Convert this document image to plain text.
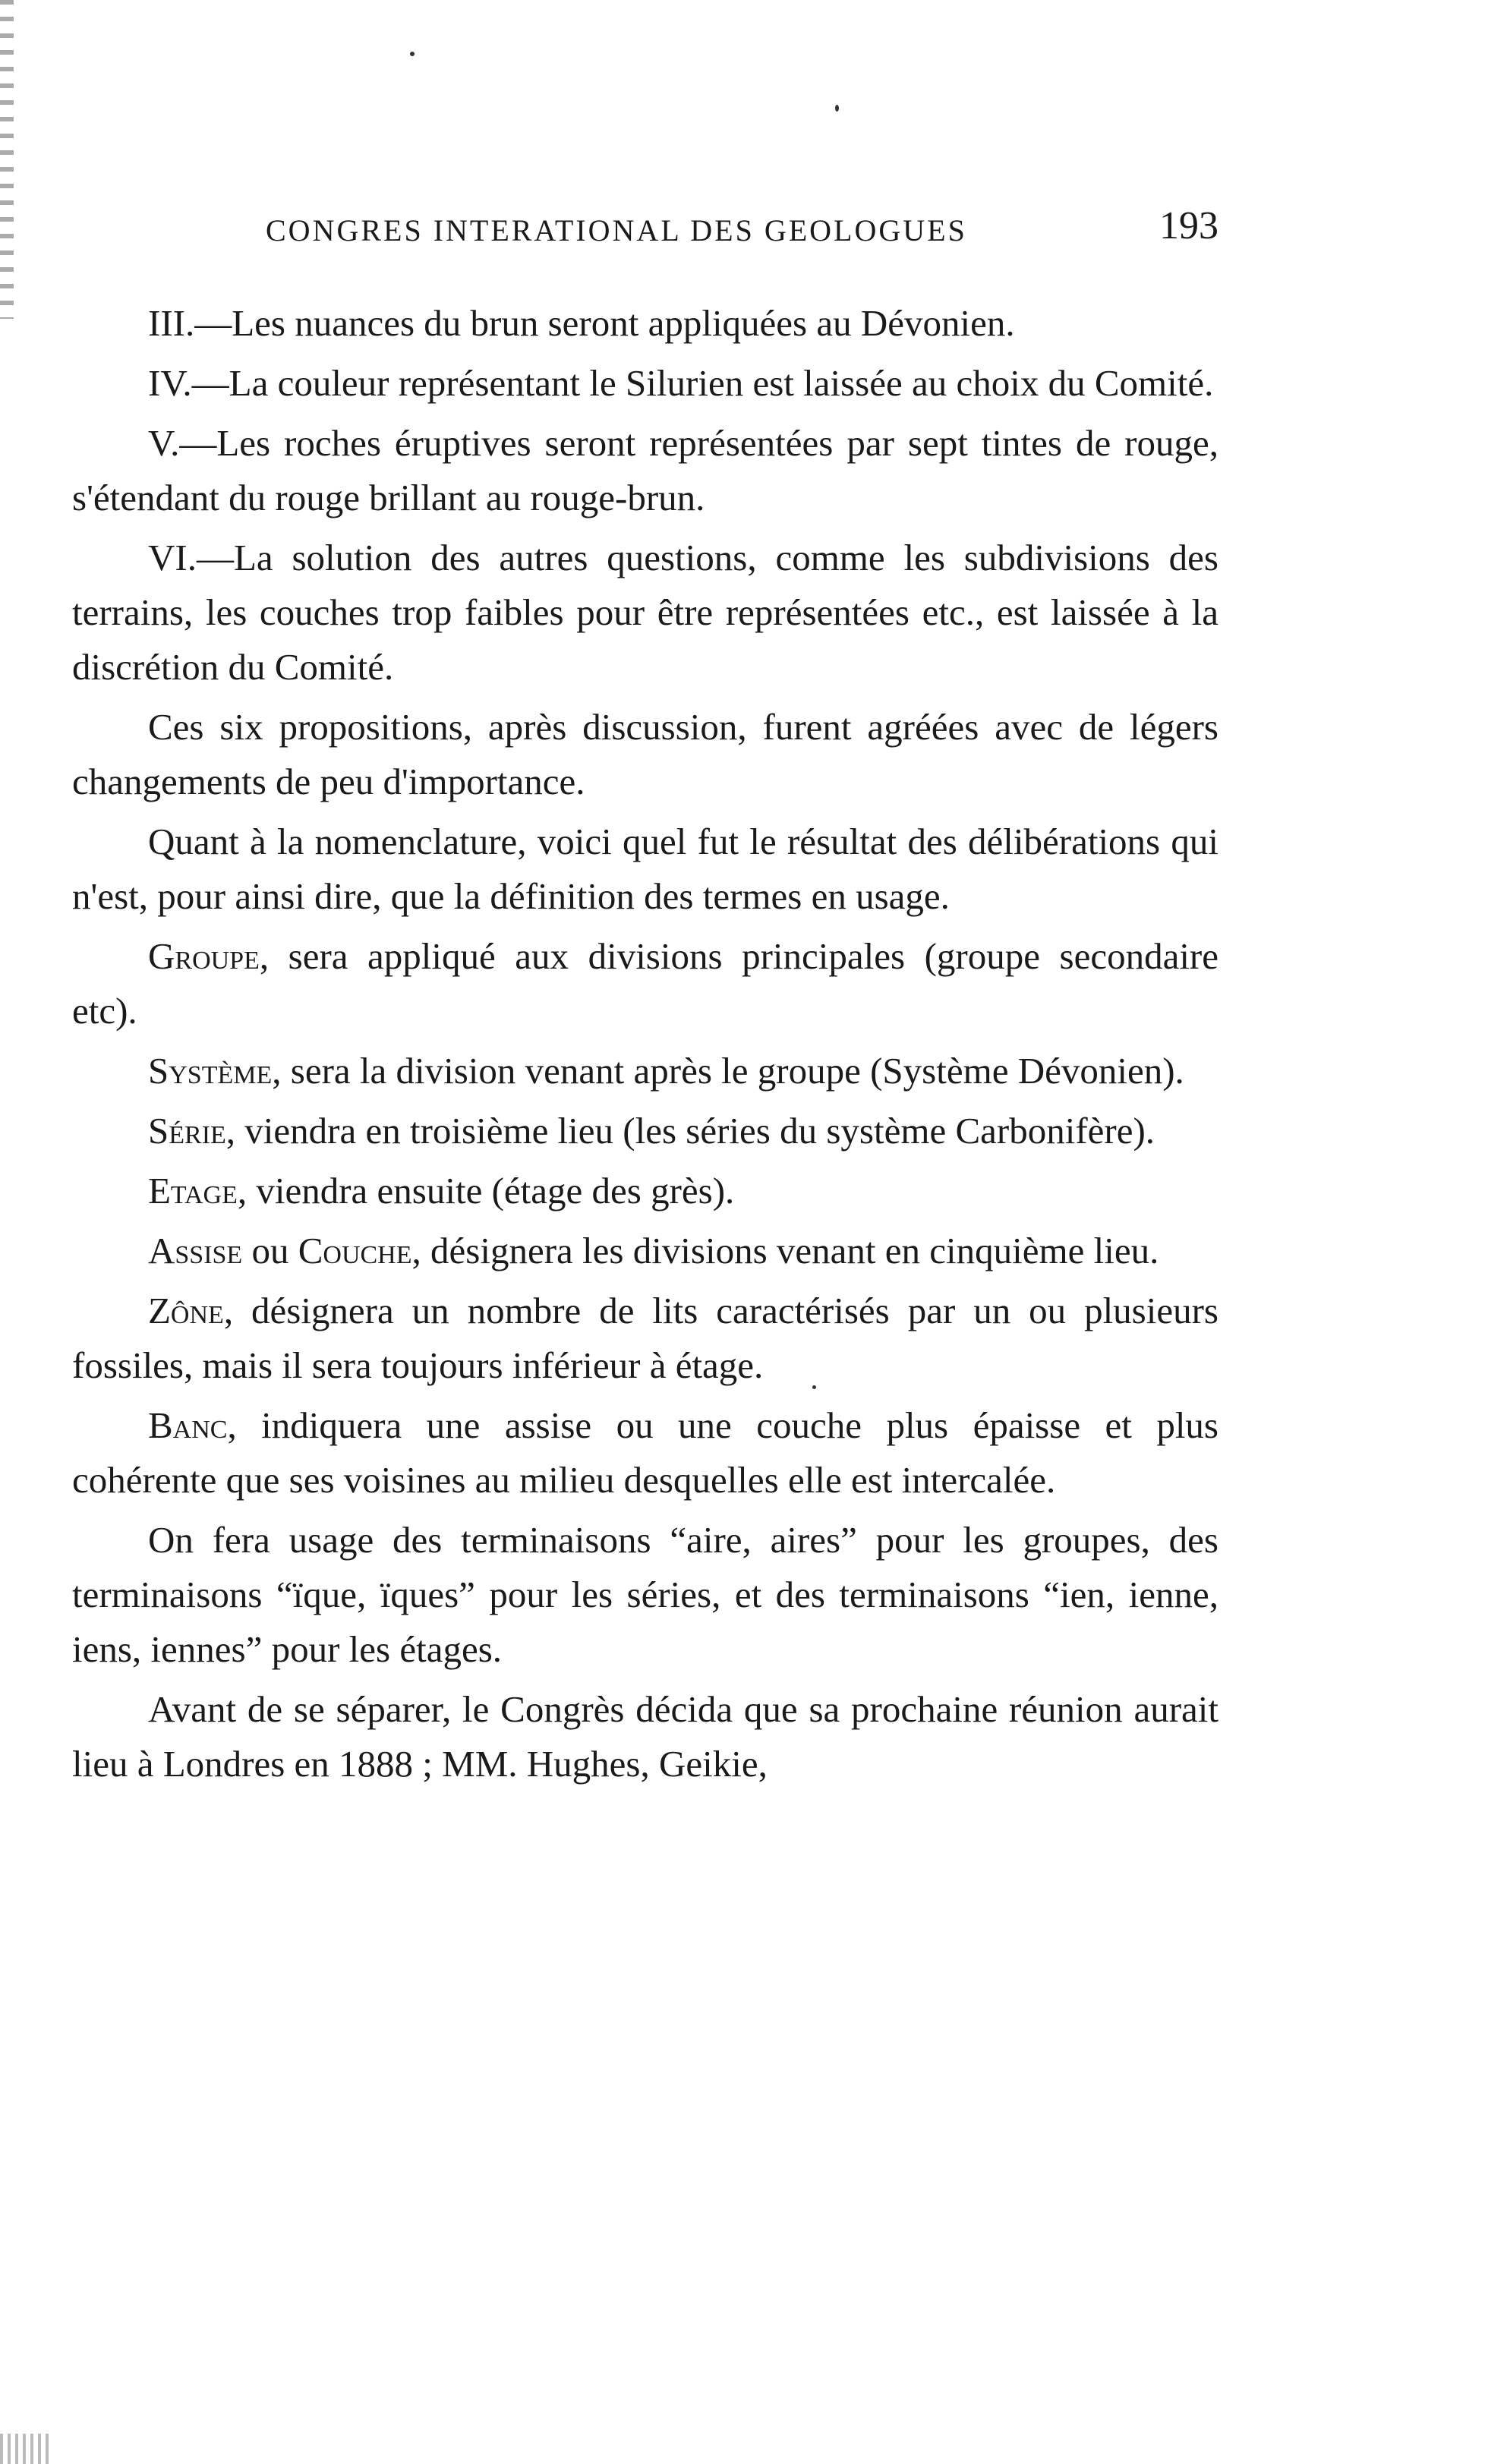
CONGRES INTERATIONAL DES GEOLOGUES	193

III.—Les nuances du brun seront appliquées au Dévonien.

IV.—La couleur représentant le Silurien est laissée au choix du Comité.

V.—Les roches éruptives seront représentées par sept tintes de rouge, s'étendant du rouge brillant au rouge-brun.

VI.—La solution des autres questions, comme les subdivisions des terrains, les couches trop faibles pour être représentées etc., est laissée à la discrétion du Comité.

Ces six propositions, après discussion, furent agréées avec de légers changements de peu d'importance.

Quant à la nomenclature, voici quel fut le résultat des délibérations qui n'est, pour ainsi dire, que la définition des termes en usage.

Groupe, sera appliqué aux divisions principales (groupe secondaire etc).

Système, sera la division venant après le groupe (Système Dévonien).

Série, viendra en troisième lieu (les séries du système Carbonifère).

Etage, viendra ensuite (étage des grès).

Assise ou Couche, désignera les divisions venant en cinquième lieu.

Zône, désignera un nombre de lits caractérisés par un ou plusieurs fossiles, mais il sera toujours inférieur à étage.

Banc, indiquera une assise ou une couche plus épaisse et plus cohérente que ses voisines au milieu desquelles elle est intercalée.

On fera usage des terminaisons “aire, aires” pour les groupes, des terminaisons “ïque, ïques” pour les séries, et des terminaisons “ien, ienne, iens, iennes” pour les étages.

Avant de se séparer, le Congrès décida que sa prochaine réunion aurait lieu à Londres en 1888 ; MM. Hughes, Geikie,
